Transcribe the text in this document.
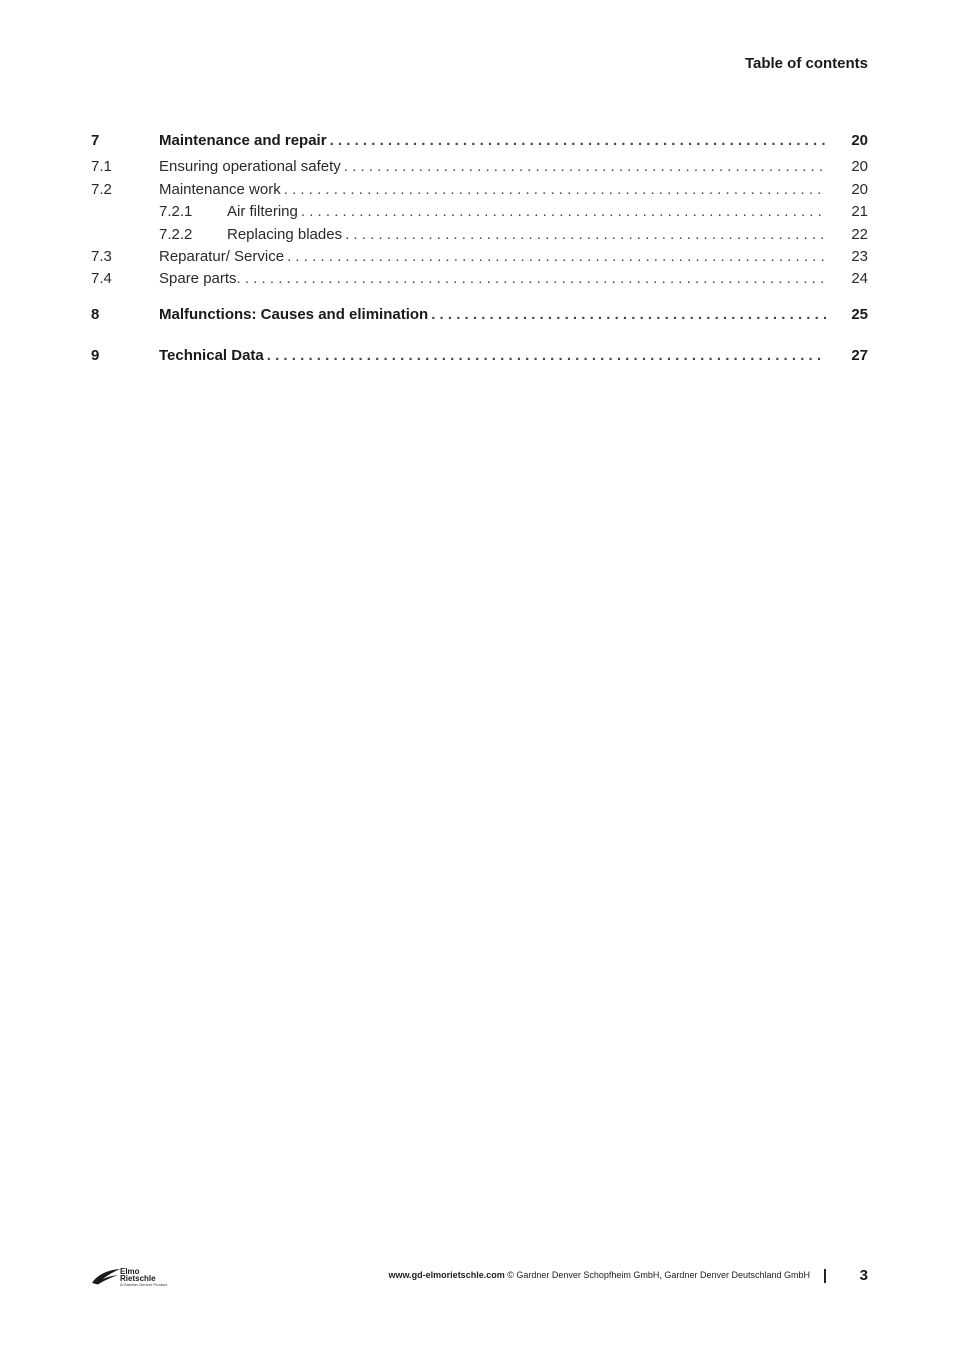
Table of contents
7	Maintenance and repair . . .	20
7.1	Ensuring operational safety . . .	20
7.2	Maintenance work . . .	20
7.2.1	Air filtering . . .	21
7.2.2	Replacing blades . . .	22
7.3	Reparatur/ Service . . .	23
7.4	Spare parts . . .	24
8	Malfunctions: Causes and elimination . . .	25
9	Technical Data . . .	27
Elmo
Rietschle
A Gardner Denver Product
www.gd-elmorietschle.com © Gardner Denver Schopfheim GmbH, Gardner Denver Deutschland GmbH	3
